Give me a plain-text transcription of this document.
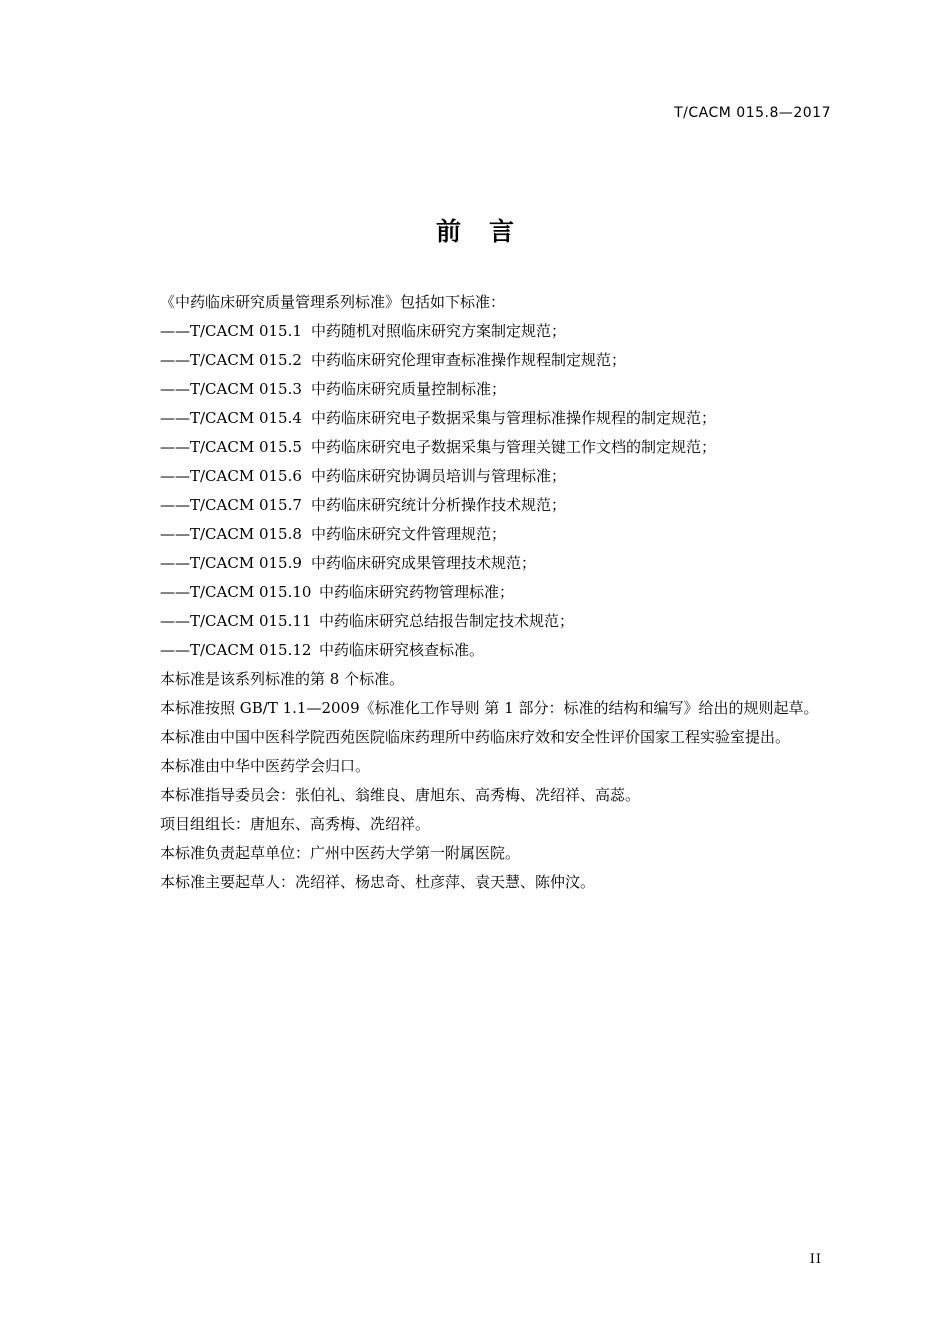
T/CACM 015.8—2017
前言

《中药临床研究质量管理系列标准》包括如下标准：

——T/CACM 015.1 中药随机对照临床研究方案制定规范；
——T/CACM 015.2 中药临床研究伦理审查标准操作规程制定规范；
——T/CACM 015.3 中药临床研究质量控制标准；
——T/CACM 015.4 中药临床研究电子数据采集与管理标准操作规程的制定规范；
——T/CACM 015.5 中药临床研究电子数据采集与管理关键工作文档的制定规范；
——T/CACM 015.6 中药临床研究协调员培训与管理标准；
——T/CACM 015.7 中药临床研究统计分析操作技术规范；
——T/CACM 015.8 中药临床研究文件管理规范；
——T/CACM 015.9 中药临床研究成果管理技术规范；
——T/CACM 015.10 中药临床研究药物管理标准；
——T/CACM 015.11 中药临床研究总结报告制定技术规范；
——T/CACM 015.12 中药临床研究核查标准。

本标准是该系列标准的第 8 个标准。

本标准按照 GB/T 1.1—2009《标准化工作导则 第 1 部分：标准的结构和编写》给出的规则起草。

本标准由中国中医科学院西苑医院临床药理所中药临床疗效和安全性评价国家工程实验室提出。

本标准由中华中医药学会归口。

本标准指导委员会：张伯礼、翁维良、唐旭东、高秀梅、冼绍祥、高蕊。

项目组组长：唐旭东、高秀梅、冼绍祥。

本标准负责起草单位：广州中医药大学第一附属医院。

本标准主要起草人：冼绍祥、杨忠奇、杜彦萍、袁天慧、陈仲汶。

II
